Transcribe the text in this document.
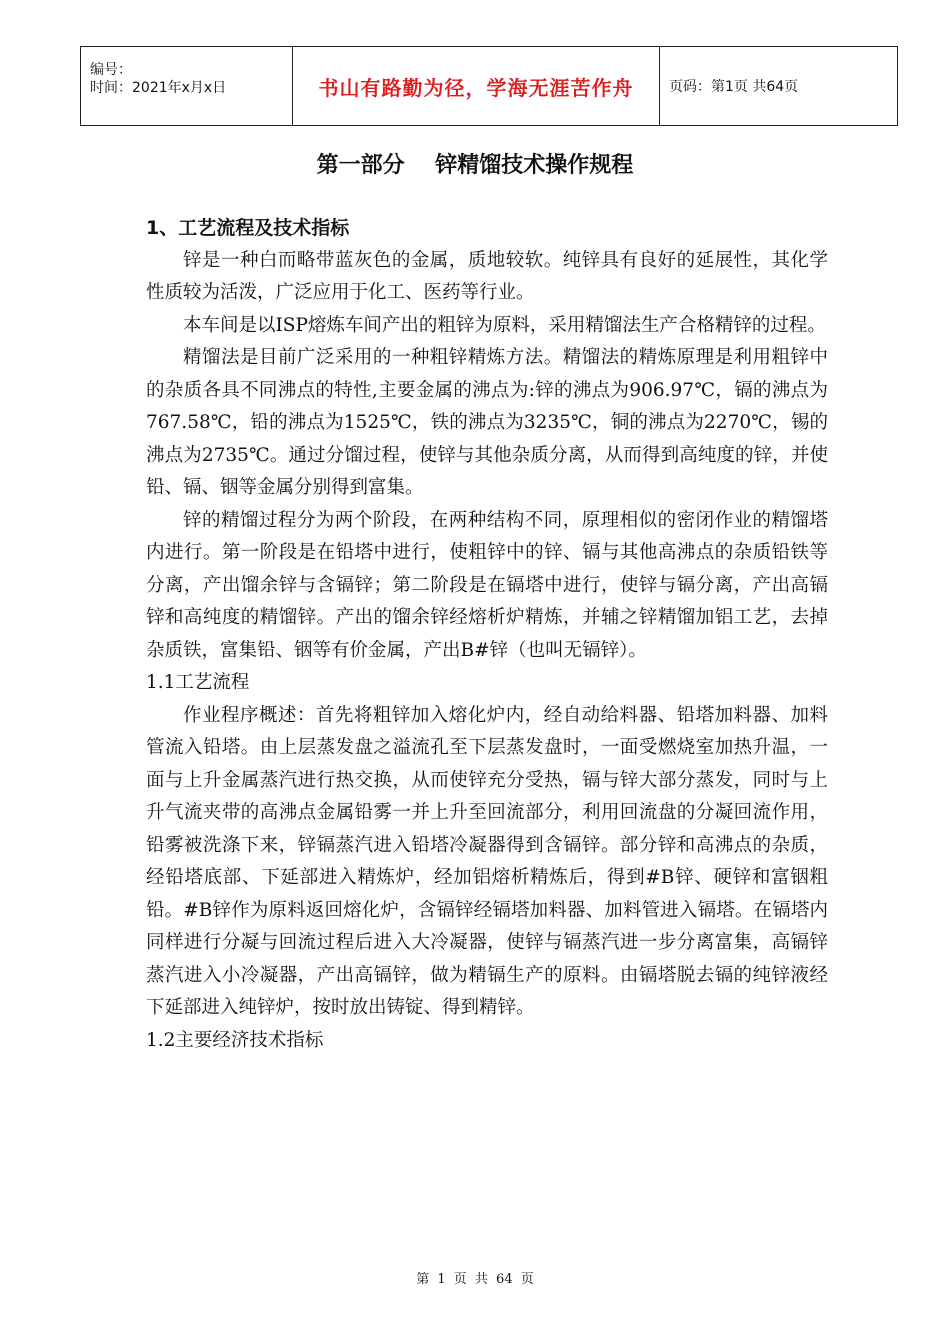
编号：
时间：2021年x月x日	书山有路勤为径，学海无涯苦作舟	页码：第1页 共64页
第一部分    锌精馏技术操作规程
1、工艺流程及技术指标

锌是一种白而略带蓝灰色的金属，质地较软。纯锌具有良好的延展性，其化学性质较为活泼，广泛应用于化工、医药等行业。

本车间是以ISP熔炼车间产出的粗锌为原料，采用精馏法生产合格精锌的过程。

精馏法是目前广泛采用的一种粗锌精炼方法。精馏法的精炼原理是利用粗锌中的杂质各具不同沸点的特性,主要金属的沸点为:锌的沸点为906.97℃，镉的沸点为767.58℃，铅的沸点为1525℃，铁的沸点为3235℃，铜的沸点为2270℃，锡的沸点为2735℃。通过分馏过程，使锌与其他杂质分离，从而得到高纯度的锌，并使铅、镉、铟等金属分别得到富集。

锌的精馏过程分为两个阶段，在两种结构不同，原理相似的密闭作业的精馏塔内进行。第一阶段是在铅塔中进行，使粗锌中的锌、镉与其他高沸点的杂质铅铁等分离，产出馏余锌与含镉锌；第二阶段是在镉塔中进行，使锌与镉分离，产出高镉锌和高纯度的精馏锌。产出的馏余锌经熔析炉精炼，并辅之锌精馏加铝工艺，去掉杂质铁，富集铅、铟等有价金属，产出B#锌（也叫无镉锌）。

1.1工艺流程

作业程序概述：首先将粗锌加入熔化炉内，经自动给料器、铅塔加料器、加料管流入铅塔。由上层蒸发盘之溢流孔至下层蒸发盘时，一面受燃烧室加热升温，一面与上升金属蒸汽进行热交换，从而使锌充分受热，镉与锌大部分蒸发，同时与上升气流夹带的高沸点金属铅雾一并上升至回流部分，利用回流盘的分凝回流作用，铅雾被洗涤下来，锌镉蒸汽进入铅塔冷凝器得到含镉锌。部分锌和高沸点的杂质，经铅塔底部、下延部进入精炼炉，经加铝熔析精炼后，得到#B锌、硬锌和富铟粗铅。#B锌作为原料返回熔化炉，含镉锌经镉塔加料器、加料管进入镉塔。在镉塔内同样进行分凝与回流过程后进入大冷凝器，使锌与镉蒸汽进一步分离富集，高镉锌蒸汽进入小冷凝器，产出高镉锌，做为精镉生产的原料。由镉塔脱去镉的纯锌液经下延部进入纯锌炉，按时放出铸锭、得到精锌。

1.2主要经济技术指标
第 1 页 共 64 页
